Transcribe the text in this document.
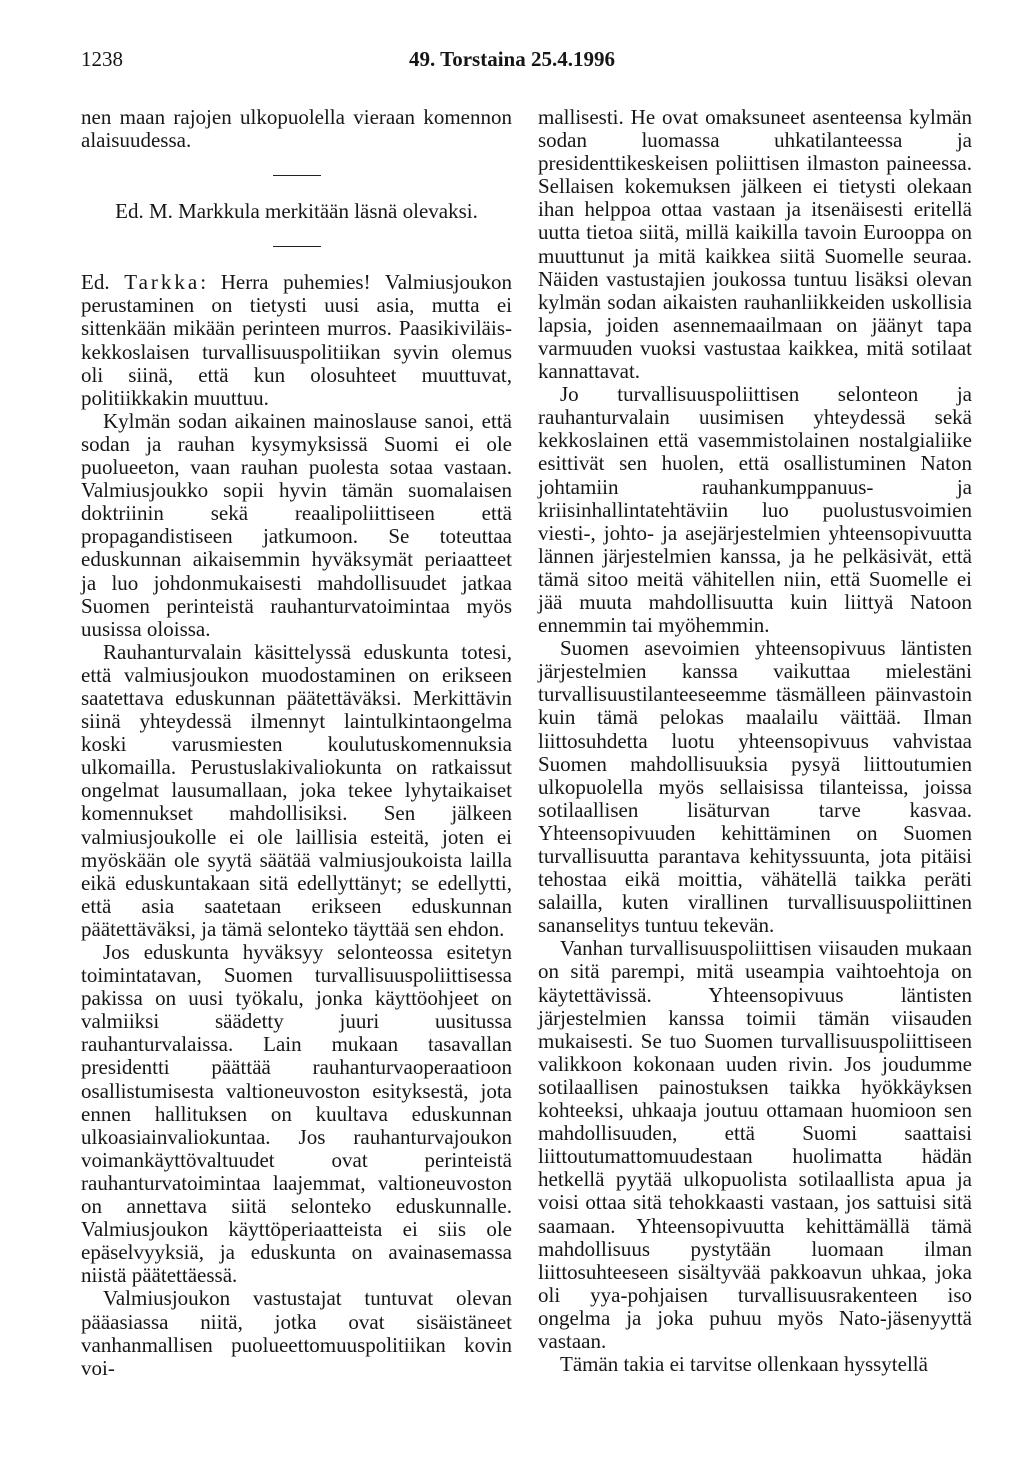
1238	49. Torstaina 25.4.1996

nen maan rajojen ulkopuolella vieraan komennon alaisuudessa.

Ed. M. Markkula merkitään läsnä olevaksi.

Ed. Tarkka: Herra puhemies! Valmiusjoukon perustaminen on tietysti uusi asia, mutta ei sittenkään mikään perinteen murros. Paasikiviläis-kekkoslaisen turvallisuuspolitiikan syvin olemus oli siinä, että kun olosuhteet muuttuvat, politiikkakin muuttuu.

Kylmän sodan aikainen mainoslause sanoi, että sodan ja rauhan kysymyksissä Suomi ei ole puolueeton, vaan rauhan puolesta sotaa vastaan. Valmiusjoukko sopii hyvin tämän suomalaisen doktriinin sekä reaalipoliittiseen että propagandistiseen jatkumoon. Se toteuttaa eduskunnan aikaisemmin hyväksymät periaatteet ja luo johdonmukaisesti mahdollisuudet jatkaa Suomen perinteistä rauhanturvatoimintaa myös uusissa oloissa.

Rauhanturvalain käsittelyssä eduskunta totesi, että valmiusjoukon muodostaminen on erikseen saatettava eduskunnan päätettäväksi. Merkittävin siinä yhteydessä ilmennyt laintulkintaongelma koski varusmiesten koulutuskomennuksia ulkomailla. Perustuslakivaliokunta on ratkaissut ongelmat lausumallaan, joka tekee lyhytaikaiset komennukset mahdollisiksi. Sen jälkeen valmiusjoukolle ei ole laillisia esteitä, joten ei myöskään ole syytä säätää valmiusjoukoista lailla eikä eduskuntakaan sitä edellyttänyt; se edellytti, että asia saatetaan erikseen eduskunnan päätettäväksi, ja tämä selonteko täyttää sen ehdon.

Jos eduskunta hyväksyy selonteossa esitetyn toimintatavan, Suomen turvallisuuspoliittisessa pakissa on uusi työkalu, jonka käyttöohjeet on valmiiksi säädetty juuri uusitussa rauhanturvalaissa. Lain mukaan tasavallan presidentti päättää rauhanturvaoperaatioon osallistumisesta valtioneuvoston esityksestä, jota ennen hallituksen on kuultava eduskunnan ulkoasiainvaliokuntaa. Jos rauhanturvajoukon voimankäyttövaltuudet ovat perinteistä rauhanturvatoimintaa laajemmat, valtioneuvoston on annettava siitä selonteko eduskunnalle. Valmiusjoukon käyttöperiaatteista ei siis ole epäselvyyksiä, ja eduskunta on avainasemassa niistä päätettäessä.

Valmiusjoukon vastustajat tuntuvat olevan pääasiassa niitä, jotka ovat sisäistäneet vanhanmallisen puolueettomuuspolitiikan kovin voi-

mallisesti. He ovat omaksuneet asenteensa kylmän sodan luomassa uhkatilanteessa ja presidenttikeskeisen poliittisen ilmaston paineessa. Sellaisen kokemuksen jälkeen ei tietysti olekaan ihan helppoa ottaa vastaan ja itsenäisesti eritellä uutta tietoa siitä, millä kaikilla tavoin Eurooppa on muuttunut ja mitä kaikkea siitä Suomelle seuraa. Näiden vastustajien joukossa tuntuu lisäksi olevan kylmän sodan aikaisten rauhanliikkeiden uskollisia lapsia, joiden asennemaailmaan on jäänyt tapa varmuuden vuoksi vastustaa kaikkea, mitä sotilaat kannattavat.

Jo turvallisuuspoliittisen selonteon ja rauhanturvalain uusimisen yhteydessä sekä kekkoslainen että vasemmistolainen nostalgialiike esittivät sen huolen, että osallistuminen Naton johtamiin rauhankumppanuus- ja kriisinhallintatehtäviin luo puolustusvoimien viesti-, johto- ja asejärjestelmien yhteensopivuutta lännen järjestelmien kanssa, ja he pelkäsivät, että tämä sitoo meitä vähitellen niin, että Suomelle ei jää muuta mahdollisuutta kuin liittyä Natoon ennemmin tai myöhemmin.

Suomen asevoimien yhteensopivuus läntisten järjestelmien kanssa vaikuttaa mielestäni turvallisuustilanteeseemme täsmälleen päinvastoin kuin tämä pelokas maalailu väittää. Ilman liittosuhdetta luotu yhteensopivuus vahvistaa Suomen mahdollisuuksia pysyä liittoutumien ulkopuolella myös sellaisissa tilanteissa, joissa sotilaallisen lisäturvan tarve kasvaa. Yhteensopivuuden kehittäminen on Suomen turvallisuutta parantava kehityssuunta, jota pitäisi tehostaa eikä moittia, vähätellä taikka peräti salailla, kuten virallinen turvallisuuspoliittinen sananselitys tuntuu tekevän.

Vanhan turvallisuuspoliittisen viisauden mukaan on sitä parempi, mitä useampia vaihtoehtoja on käytettävissä. Yhteensopivuus läntisten järjestelmien kanssa toimii tämän viisauden mukaisesti. Se tuo Suomen turvallisuuspoliittiseen valikkoon kokonaan uuden rivin. Jos joudumme sotilaallisen painostuksen taikka hyökkäyksen kohteeksi, uhkaaja joutuu ottamaan huomioon sen mahdollisuuden, että Suomi saattaisi liittoutumattomuudestaan huolimatta hädän hetkellä pyytää ulkopuolista sotilaallista apua ja voisi ottaa sitä tehokkaasti vastaan, jos sattuisi sitä saamaan. Yhteensopivuutta kehittämällä tämä mahdollisuus pystytään luomaan ilman liittosuhteeseen sisältyvää pakkoavun uhkaa, joka oli yya-pohjaisen turvallisuusrakenteen iso ongelma ja joka puhuu myös Nato-jäsenyyttä vastaan.

Tämän takia ei tarvitse ollenkaan hyssytellä
